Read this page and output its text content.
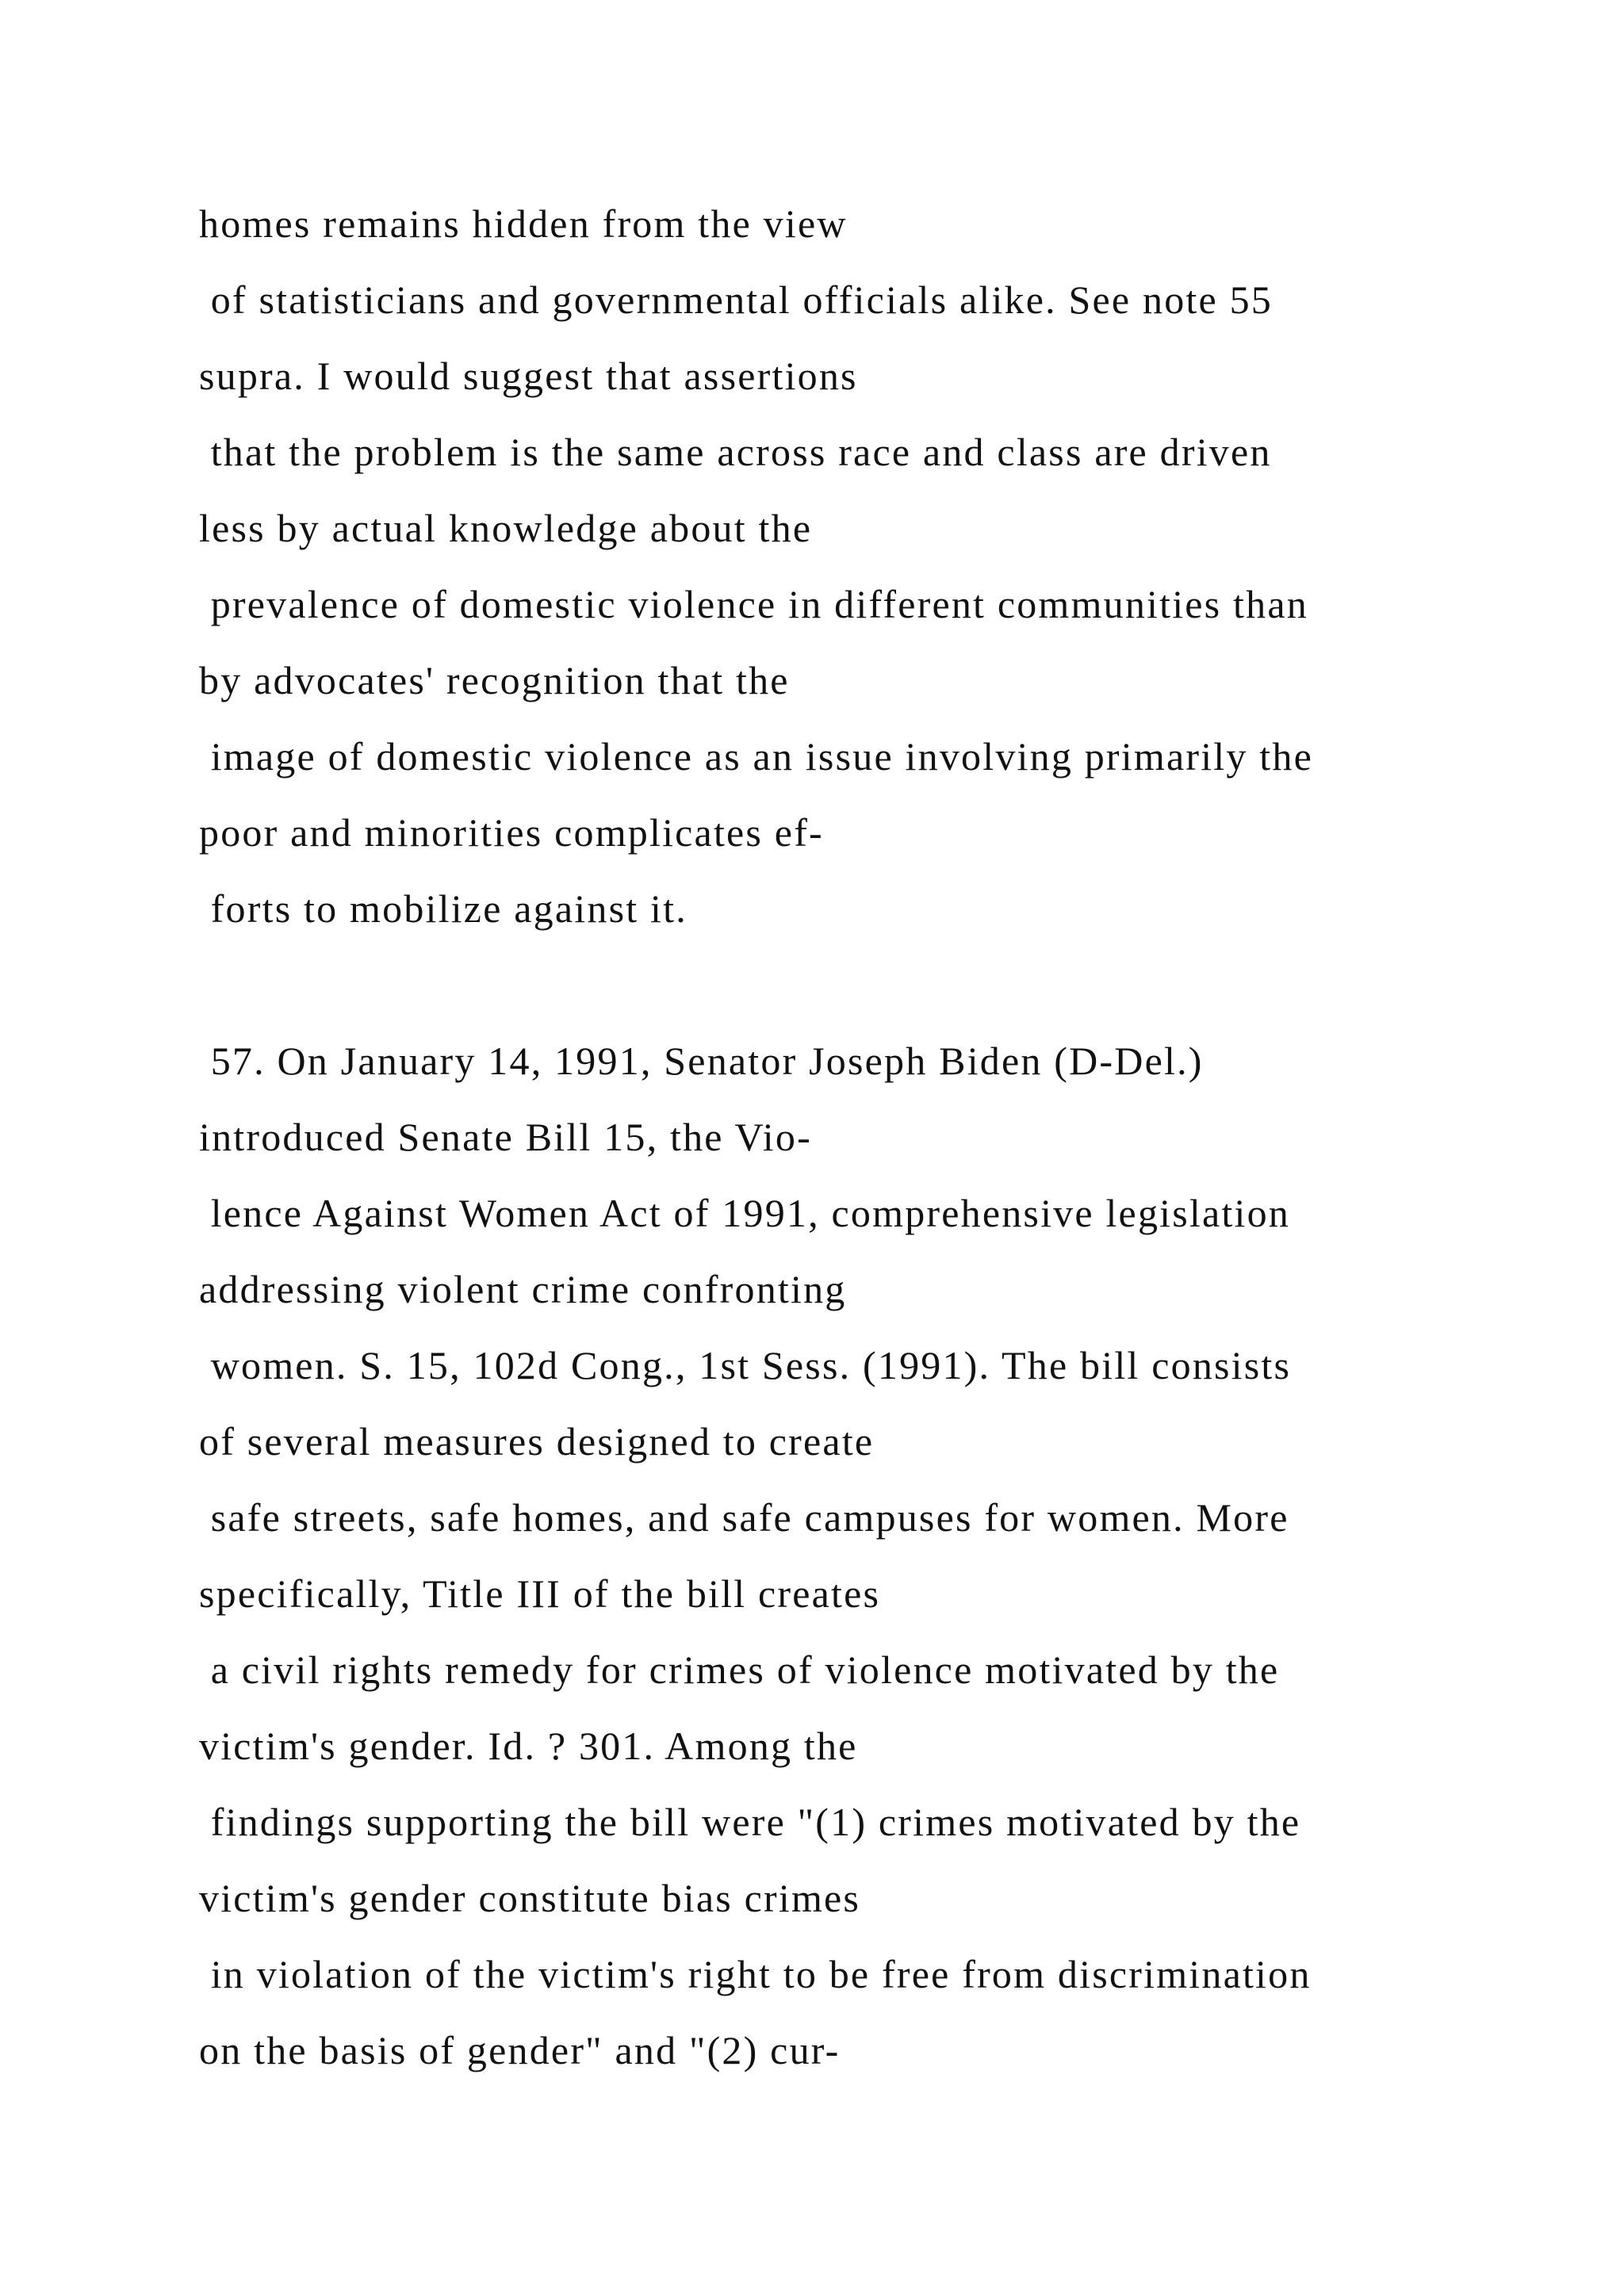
homes remains hidden from the view
of statisticians and governmental officials alike. See note 55
supra. I would suggest that assertions
that the problem is the same across race and class are driven
less by actual knowledge about the
prevalence of domestic violence in different communities than
by advocates' recognition that the
image of domestic violence as an issue involving primarily the
poor and minorities complicates ef-
forts to mobilize against it.
57. On January 14, 1991, Senator Joseph Biden (D-Del.)
introduced Senate Bill 15, the Vio-
lence Against Women Act of 1991, comprehensive legislation
addressing violent crime confronting
women. S. 15, 102d Cong., 1st Sess. (1991). The bill consists
of several measures designed to create
safe streets, safe homes, and safe campuses for women. More
specifically, Title III of the bill creates
a civil rights remedy for crimes of violence motivated by the
victim's gender. Id. ? 301. Among the
findings supporting the bill were "(1) crimes motivated by the
victim's gender constitute bias crimes
in violation of the victim's right to be free from discrimination
on the basis of gender" and "(2) cur-
